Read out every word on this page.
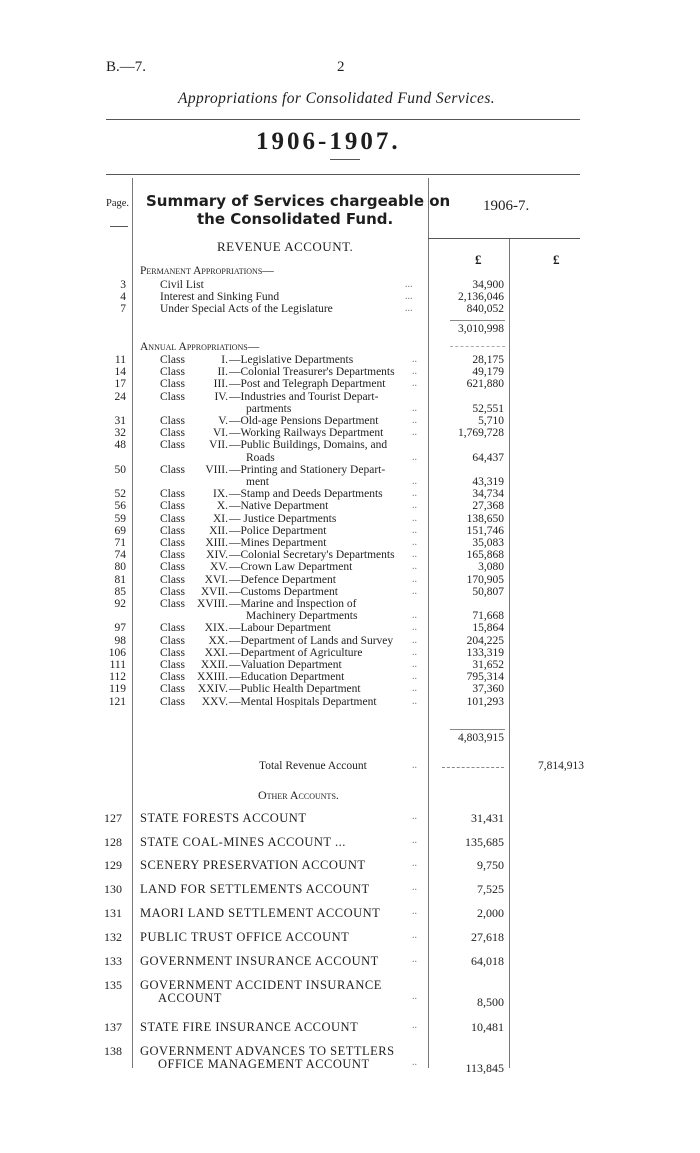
B.—7.	2
Appropriations for Consolidated Fund Services.
1906-1907.
Page. Summary of Services chargeable on
the Consolidated Fund.
1906-7.
£	£
REVENUE ACCOUNT.
Permanent Appropriations—
3	Civil List	...	34,900
4	Interest and Sinking Fund	...	2,136,046
7	Under Special Acts of the Legislature	...	840,052
3,010,998
Annual Appropriations—
11	Class	I. —Legislative Departments	..	28,175
14	Class	II. —Colonial Treasurer's Departments ..	49,179
17	Class	III. —Post and Telegraph Department	..	621,880
24	Class	IV. —Industries and Tourist Depart-
partments	..	52,551
31	Class	V. —Old-age Pensions Department	..	5,710
32	Class	VI. —Working Railways Department	..	1,769,728
48	Class	VII. —Public Buildings, Domains, and
Roads	..	64,437
50	Class	VIII. —Printing and Stationery Depart-
ment	..	43,319
52	Class	IX. —Stamp and Deeds Departments	..	34,734
56	Class	X. —Native Department	..	27,368
59	Class	XI. — Justice Departments	..	138,650
69	Class	XII. —Police Department	..	151,746
71	Class	XIII. —Mines Department	..	35,083
74	Class	XIV. —Colonial Secretary's Departments ..	165,868
80	Class	XV. —Crown Law Department	..	3,080
81	Class	XVI. —Defence Department	..	170,905
85	Class	XVII. —Customs Department	..	50,807
92	Class	XVIII. —Marine and Inspection of
Machinery Departments	..	71,668
97	Class	XIX. —Labour Department	..	15,864
98	Class	XX. —Department of Lands and Survey ..	204,225
106	Class	XXI. —Department of Agriculture	..	133,319
111	Class	XXII. —Valuation Department	..	31,652
112	Class	XXIII. —Education Department	..	795,314
119	Class	XXIV. —Public Health Department	..	37,360
121	Class	XXV. —Mental Hospitals Department	..	101,293
4,803,915
Total Revenue Account	..	7,814,913
Other Accounts.
127 STATE FORESTS ACCOUNT	..	31,431
128 STATE COAL-MINES ACCOUNT ...	..	135,685
129 SCENERY PRESERVATION ACCOUNT	..	9,750
130 LAND FOR SETTLEMENTS ACCOUNT	..	7,525
131 MAORI LAND SETTLEMENT ACCOUNT	..	2,000
132 PUBLIC TRUST OFFICE ACCOUNT	..	27,618
133 GOVERNMENT INSURANCE ACCOUNT	..	64,018
135 GOVERNMENT ACCIDENT INSURANCE
ACCOUNT	..	8,500
137 STATE FIRE INSURANCE ACCOUNT	..	10,481
138 GOVERNMENT ADVANCES TO SETTLERS
OFFICE MANAGEMENT ACCOUNT	..	113,845
